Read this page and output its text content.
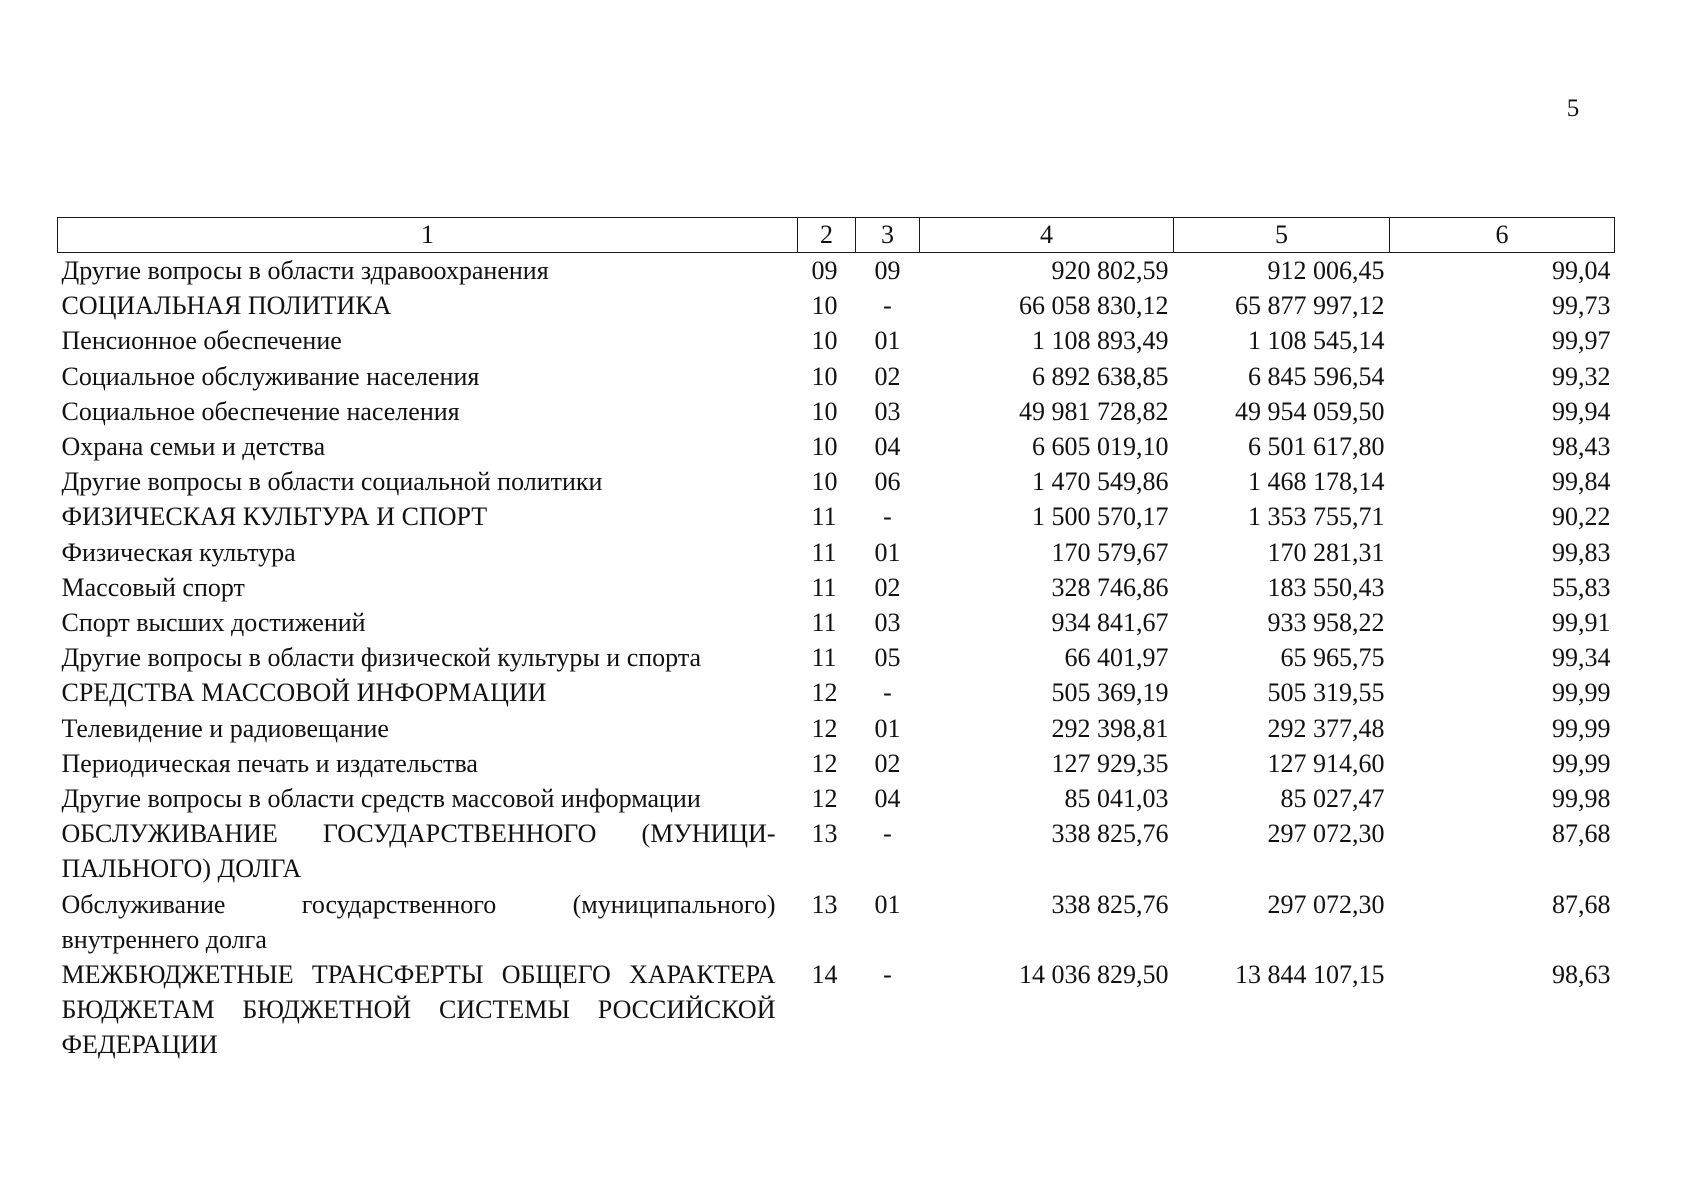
5
1	2	3	4	5	6
Другие вопросы в области здравоохранения	09	09	920 802,59	912 006,45	99,04
СОЦИАЛЬНАЯ ПОЛИТИКА	10	-	66 058 830,12	65 877 997,12	99,73
Пенсионное обеспечение	10	01	1 108 893,49	1 108 545,14	99,97
Социальное обслуживание населения	10	02	6 892 638,85	6 845 596,54	99,32
Социальное обеспечение населения	10	03	49 981 728,82	49 954 059,50	99,94
Охрана семьи и детства	10	04	6 605 019,10	6 501 617,80	98,43
Другие вопросы в области социальной политики	10	06	1 470 549,86	1 468 178,14	99,84
ФИЗИЧЕСКАЯ КУЛЬТУРА И СПОРТ	11	-	1 500 570,17	1 353 755,71	90,22
Физическая культура	11	01	170 579,67	170 281,31	99,83
Массовый спорт	11	02	328 746,86	183 550,43	55,83
Спорт высших достижений	11	03	934 841,67	933 958,22	99,91
Другие вопросы в области физической культуры и спорта	11	05	66 401,97	65 965,75	99,34
СРЕДСТВА МАССОВОЙ ИНФОРМАЦИИ	12	-	505 369,19	505 319,55	99,99
Телевидение и радиовещание	12	01	292 398,81	292 377,48	99,99
Периодическая печать и издательства	12	02	127 929,35	127 914,60	99,99
Другие вопросы в области средств массовой информации	12	04	85 041,03	85 027,47	99,98
ОБСЛУЖИВАНИЕ ГОСУДАРСТВЕННОГО (МУНИЦИ-ПАЛЬНОГО) ДОЛГА	13	-	338 825,76	297 072,30	87,68
Обслуживание государственного (муниципального) внутреннего долга	13	01	338 825,76	297 072,30	87,68
МЕЖБЮДЖЕТНЫЕ ТРАНСФЕРТЫ ОБЩЕГО ХАРАКТЕРА БЮДЖЕТАМ БЮДЖЕТНОЙ СИСТЕМЫ РОССИЙСКОЙ ФЕДЕРАЦИИ	14	-	14 036 829,50	13 844 107,15	98,63
